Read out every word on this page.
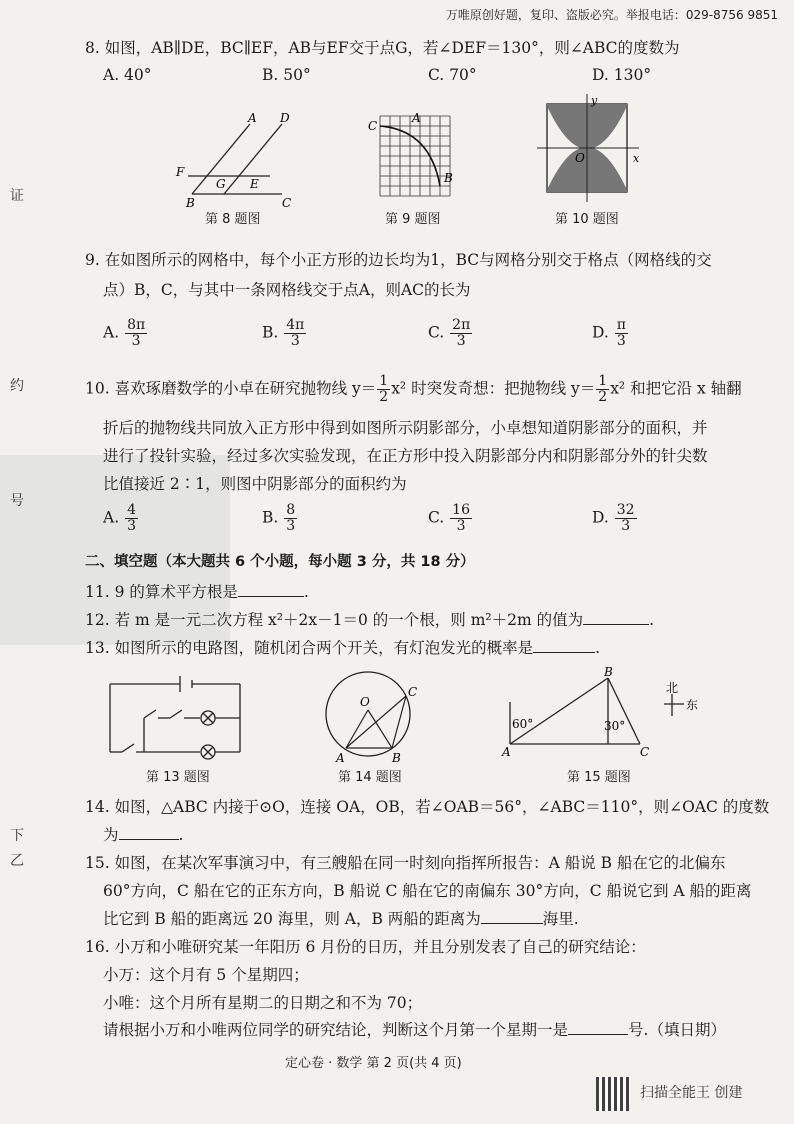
万唯原创好题，复印、盗版必究。举报电话：029-8756 9851
证
约
号
下
乙
8. 如图，AB∥DE，BC∥EF，AB与EF交于点G，若∠DEF＝130°，则∠ABC的度数为
A. 40°	B. 50°	C. 70°	D. 130°
A D
F
G E
B	C
第 8 题图
C
A
B
第 9 题图
y
x
O
第 10 题图
9. 在如图所示的网格中，每个小正方形的边长均为1，BC与网格分别交于格点（网格线的交
点）B，C，与其中一条网格线交于点A，则AC的长为
A. $\frac{8\pi}{3}$	B. $\frac{4\pi}{3}$	C. $\frac{2\pi}{3}$	D. $\frac{\pi}{3}$
10. 喜欢琢磨数学的小卓在研究抛物线 $y= \frac{1}{2} x^2$ 时突发奇想：把抛物线 $y= \frac{1}{2} x^2$ 和把它沿 x 轴翻
折后的抛物线共同放入正方形中得到如图所示阴影部分，小卓想知道阴影部分的面积，并
进行了投针实验，经过多次实验发现，在正方形中投入阴影部分内和阴影部分外的针尖数
比值接近 2∶1，则图中阴影部分的面积约为
A. $\frac{4}{3}$	B. $\frac{8}{3}$	C. $\frac{16}{3}$	D. $\frac{32}{3}$
二、填空题（本大题共 6 个小题，每小题 3 分，共 18 分）
11. 9 的算术平方根是	.
12. 若 m 是一元二次方程 x²＋2x－1＝0 的一个根，则 m²＋2m 的值为	.
13. 如图所示的电路图，随机闭合两个开关，有灯泡发光的概率是	.
第 13 题图
O
C
A	B
第 14 题图
B
A	C
60°	30°
北
东
第 15 题图
14. 如图，△ABC 内接于⊙O，连接 OA，OB，若∠OAB＝56°，∠ABC＝110°，则∠OAC 的度数
为	.
15. 如图，在某次军事演习中，有三艘船在同一时刻向指挥所报告：A 船说 B 船在它的北偏东
60°方向，C 船在它的正东方向，B 船说 C 船在它的南偏东 30°方向，C 船说它到 A 船的距离
比它到 B 船的距离远 20 海里，则 A，B 两船的距离为	海里.
16. 小万和小唯研究某一年阳历 6 月份的日历，并且分别发表了自己的研究结论：
小万：这个月有 5 个星期四；
小唯：这个月所有星期二的日期之和不为 70；
请根据小万和小唯两位同学的研究结论，判断这个月第一个星期一是	号.（填日期）
定心卷 · 数学 第 2 页(共 4 页)
扫描全能王 创建
